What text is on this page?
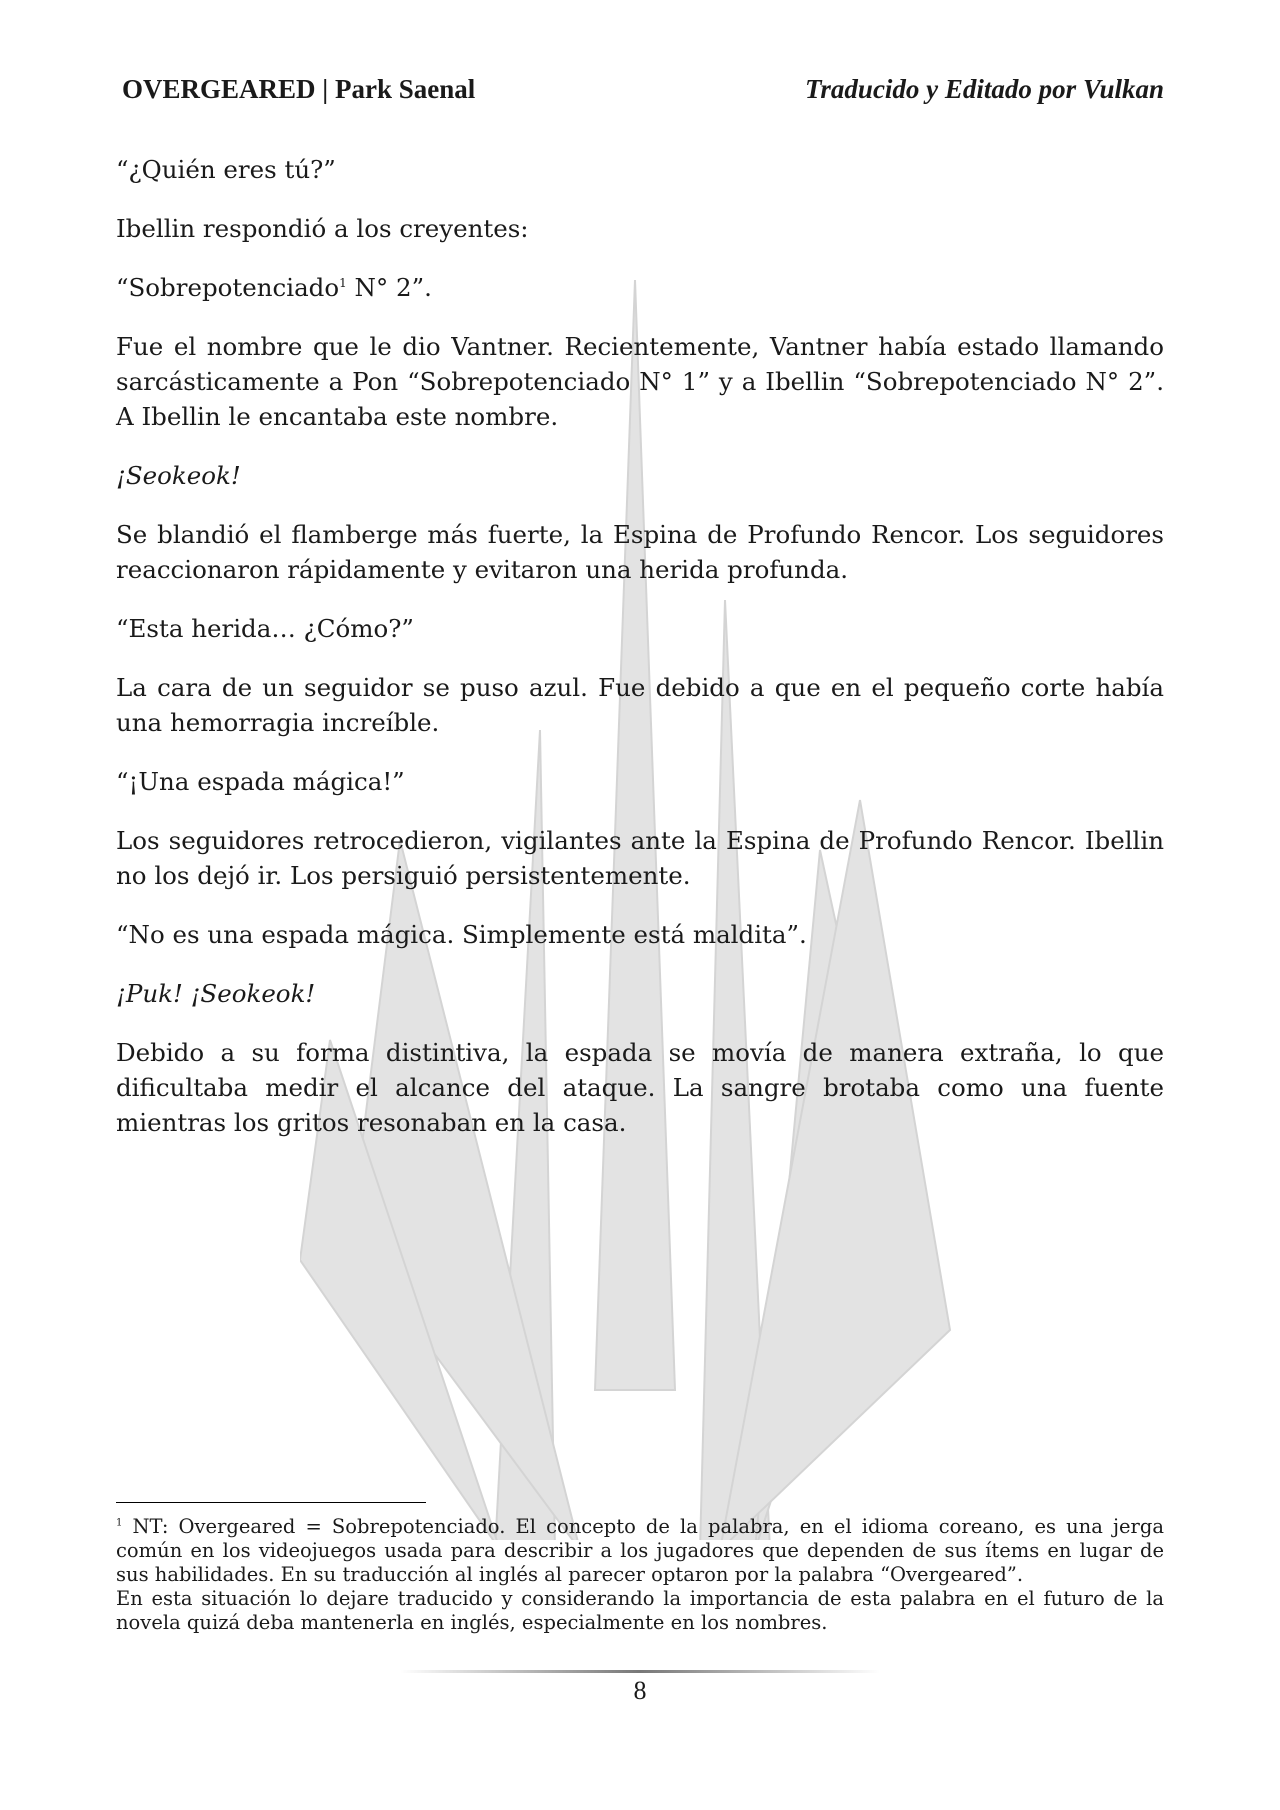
OVERGEARED | Park Saenal	Traducido y Editado por Vulkan

“¿Quién eres tú?”

Ibellin respondió a los creyentes:

“Sobrepotenciado$^1$ N° 2”.

Fue el nombre que le dio Vantner. Recientemente, Vantner había estado llamando sarcásticamente a Pon “Sobrepotenciado N° 1” y a Ibellin “Sobrepotenciado N° 2”. A Ibellin le encantaba este nombre.

¡Seokeok!

Se blandió el flamberge más fuerte, la Espina de Profundo Rencor. Los seguidores reaccionaron rápidamente y evitaron una herida profunda.

“Esta herida… ¿Cómo?”

La cara de un seguidor se puso azul. Fue debido a que en el pequeño corte había una hemorragia increíble.

“¡Una espada mágica!”

Los seguidores retrocedieron, vigilantes ante la Espina de Profundo Rencor. Ibellin no los dejó ir. Los persiguió persistentemente.

“No es una espada mágica. Simplemente está maldita”.

¡Puk! ¡Seokeok!

Debido a su forma distintiva, la espada se movía de manera extraña, lo que dificultaba medir el alcance del ataque. La sangre brotaba como una fuente mientras los gritos resonaban en la casa.

$^1$ NT: Overgeared = Sobrepotenciado. El concepto de la palabra, en el idioma coreano, es una jerga común en los videojuegos usada para describir a los jugadores que dependen de sus ítems en lugar de sus habilidades. En su traducción al inglés al parecer optaron por la palabra “Overgeared”.

En esta situación lo dejare traducido y considerando la importancia de esta palabra en el futuro de la novela quizá deba mantenerla en inglés, especialmente en los nombres.

8
